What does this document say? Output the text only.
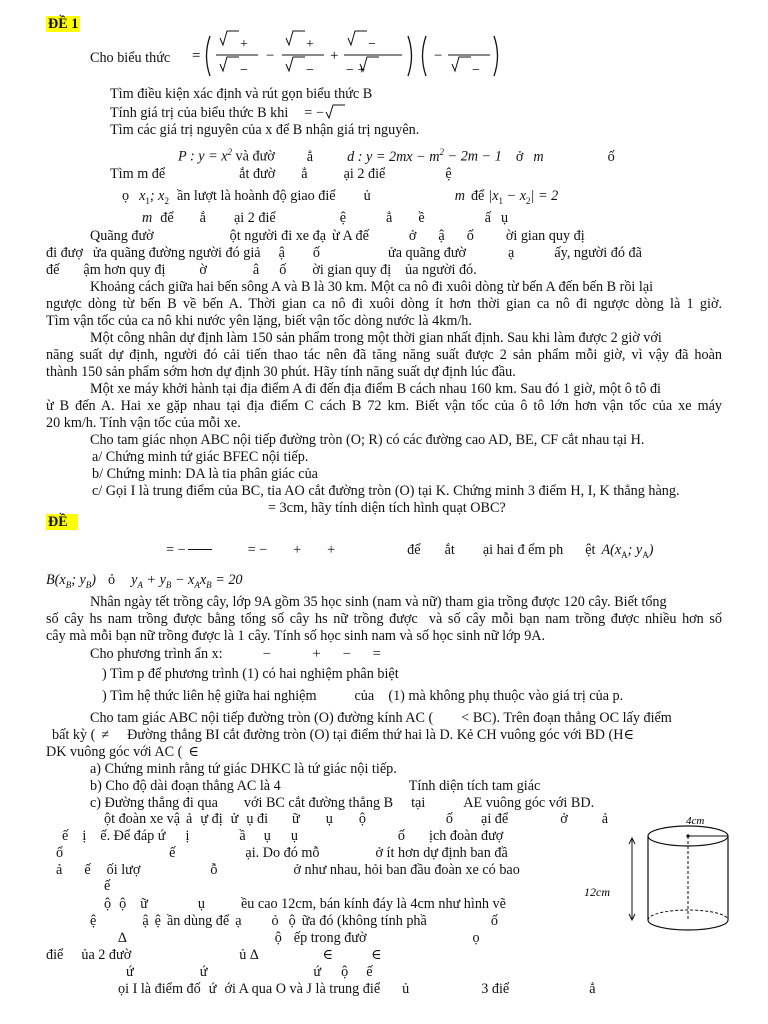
ĐỀ 1
Cho biểu thức =
+
−
−
+
−
+
−
− +
−
−
Tìm điều kiện xác định và rút gọn biểu thức B
Tính giá trị của biểu thức B khi = −
Tìm các giá trị nguyên của x để B nhận giá trị nguyên.
P : $y = x^2$ và đườ ẳ d : $y = 2mx - m^2 - 2m - 1$ ở m	ố
Tìm m để	ắt đườ ẳ	ại 2 điể	ệ
ọ $x_1$; $x_2$ ần lượt là hoành độ giao điể ủ	m để $|x_1 - x_2| = 2$
m để ắ ại 2 điể	ệ	ẳ ề	ấ ụ
Quãng đườ	ột người đi xe đạ ừ A đế	ở ậ ố ời gian quy đị
đi đượ ửa quãng đường người đó giả ậ ố	ửa quãng đườ	ạ	ấy, người đó đã
đế ậm hơn quy đị ờ	â ố ời gian quy đị ủa người đó.
Khoảng cách giữa hai bến sông A và B là 30 km. Một ca nô đi xuôi dòng từ bến A đến bến B rồi lại
ngược dòng từ bến B về bến A. Thời gian ca nô đi xuôi dòng ít hơn thời gian ca nô đi ngược dòng là 1 giờ.
Tìm vận tốc của ca nô khi nước yên lặng, biết vận tốc dòng nước là 4km/h.
Một công nhân dự định làm 150 sản phẩm trong một thời gian nhất định. Sau khi làm được 2 giờ với
năng suất dự định, người đó cải tiến thao tác nên đã tăng năng suất được 2 sản phẩm mỗi giờ, vì vậy đã hoàn
thành 150 sản phẩm sớm hơn dự định 30 phút. Hãy tính năng suất dự định lúc đầu.
Một xe máy khởi hành tại địa điểm A đi đến địa điểm B cách nhau 160 km. Sau đó 1 giờ, một ô tô đi
ừ B đến A. Hai xe gặp nhau tại địa điểm C cách B 72 km. Biết vận tốc của ô tô lớn hơn vận tốc của xe máy
20 km/h. Tính vận tốc của mỗi xe.
Cho tam giác nhọn ABC nội tiếp đường tròn (O; R) có các đường cao AD, BE, CF cắt nhau tại H.
a/ Chứng minh tứ giác BFEC nội tiếp.
b/ Chứng minh: DA là tia phân giác của
c/ Gọi I là trung điểm của BC, tia AO cắt đường tròn (O) tại K. Chứng minh 3 điểm H, I, K thẳng hàng.
= 3cm, hãy tính diện tích hình quạt OBC?
ĐỀ
= −	= − + +	để ắt ại hai đ ểm ph ệt $A(x_A$; $y_A$)
$B(x_B$; $y_B$) ỏ $y_A + y_B - x_Ax_B = 20$
Nhân ngày tết trồng cây, lớp 9A gồm 35 học sinh (nam và nữ) tham gia trồng được 120 cây. Biết tổng
số cây hs nam trồng được bằng tổng số cây hs nữ trồng được  và số cây mỗi bạn nam trồng được nhiều hơn số
cây mà mỗi bạn nữ trồng được là 1 cây. Tính số học sinh nam và số học sinh nữ lớp 9A.
Cho phương trình ẩn x:	−	+ − =
) Tìm p để phương trình (1) có hai nghiệm phân biệt
) Tìm hệ thức liên hệ giữa hai nghiệm	của    (1) mà không phụ thuộc vào giá trị của p.
Cho tam giác ABC nội tiếp đường tròn (O) đường kính AC ( < BC). Trên đoạn thẳng OC lấy điểm
bất kỳ ( ≠ Đường thẳng BI cắt đường tròn (O) tại điểm thứ hai là D. Kẻ CH vuông góc với BD (H∈
DK vuông góc với AC ( ∈
a) Chứng minh rằng tứ giác DHKC là tứ giác nội tiếp.
b) Cho độ dài đoạn thẳng AC là 4	Tính diện tích tam giác
c) Đường thẳng đi qua với BC cắt đường thẳng B tại	AE vuông góc với BD.
ột đoàn xe vậ ả ự đị ử ụ đi ữ ụ ộ	ố ại để	ở ả
ế ị ế. Để đáp ứ ị	ầ ụ ụ	ố ịch đoàn đượ
ổ	ế	ại. Do đó mỗ	ở ít hơn dự định ban đầ
ả ế ối lượ	ỗ	ở như nhau, hỏi ban đầu đoàn xe có bao
ế
ộ ộ ữ	ụ	ều cao 12cm, bán kính đáy là 4cm như hình vẽ
ệ	ậ ệ ần dùng để ạ ỏ ộ ữa đó (không tính phầ	ố
∆	ộ ếp trong đườ	ọ
điể ủa 2 đườ	ủ ∆	∈	∈
ứ	ứ	ứ ộ ế
ọi I là điểm đố ứ ới A qua O và J là trung điể ủ	3 điể	ẳ
4cm
12cm
